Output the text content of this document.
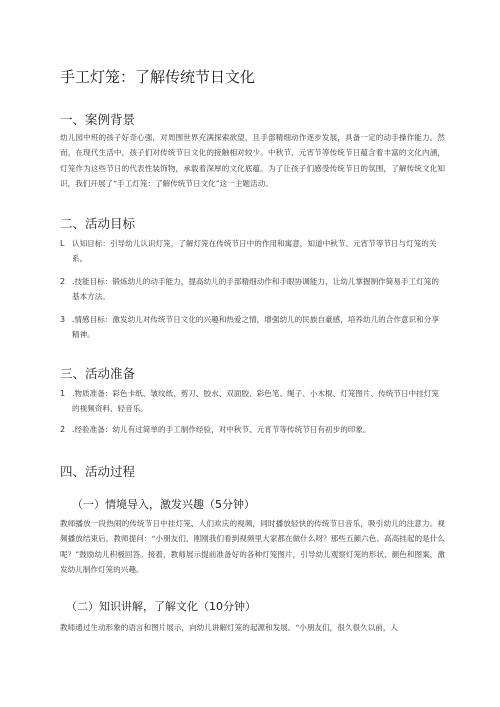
手工灯笼：了解传统节日文化
一、案例背景
幼儿园中班的孩子好奇心强，对周围世界充满探索欲望，且手部精细动作逐步发展，具备一定的动手操作能力。然而，在现代生活中，孩子们对传统节日文化的接触相对较少。中秋节、元宵节等传统节日蕴含着丰富的文化内涵，灯笼作为这些节日的代表性装饰物，承载着深厚的文化底蕴。为了让孩子们感受传统节日的氛围，了解传统文化知识，我们开展了“手工灯笼：了解传统节日文化”这一主题活动。
二、活动目标
L 认知目标：引导幼儿认识灯笼，了解灯笼在传统节日中的作用和寓意，知道中秋节、元宵节等节日与灯笼的关系。
2 .技能目标：锻炼幼儿的动手能力，提高幼儿的手部精细动作和手眼协调能力，让幼儿掌握制作简易手工灯笼的基本方法。
3 .情感目标：激发幼儿对传统节日文化的兴趣和热爱之情，增强幼儿的民族自豪感，培养幼儿的合作意识和分享精神。
三、活动准备
1 .物质准备：彩色卡纸、皱纹纸、剪刀、胶水、双面胶、彩色笔、绳子、小木棍、灯笼图片、传统节日中挂灯笼的视频资料、轻音乐。
2 .经验准备：幼儿有过简单的手工制作经验，对中秋节、元宵节等传统节日有初步的印象。
四、活动过程
（一）情境导入，激发兴趣（5分钟）
教师播放一段热闹的传统节日中挂灯笼、人们欢庆的视频，同时播放轻快的传统节日音乐，吸引幼儿的注意力。视频播放结束后，教师提问：“小朋友们，刚刚我们看到视频里大家都在做什么呀？那些五颜六色、高高挂起的是什么呢？”鼓励幼儿积极回答。接着，教师展示提前准备好的各种灯笼图片，引导幼儿观察灯笼的形状、颜色和图案，激发幼儿制作灯笼的兴趣。
（二）知识讲解，了解文化（10分钟）
教师通过生动形象的语言和图片展示，向幼儿讲解灯笼的起源和发展。“小朋友们，很久很久以前，人
